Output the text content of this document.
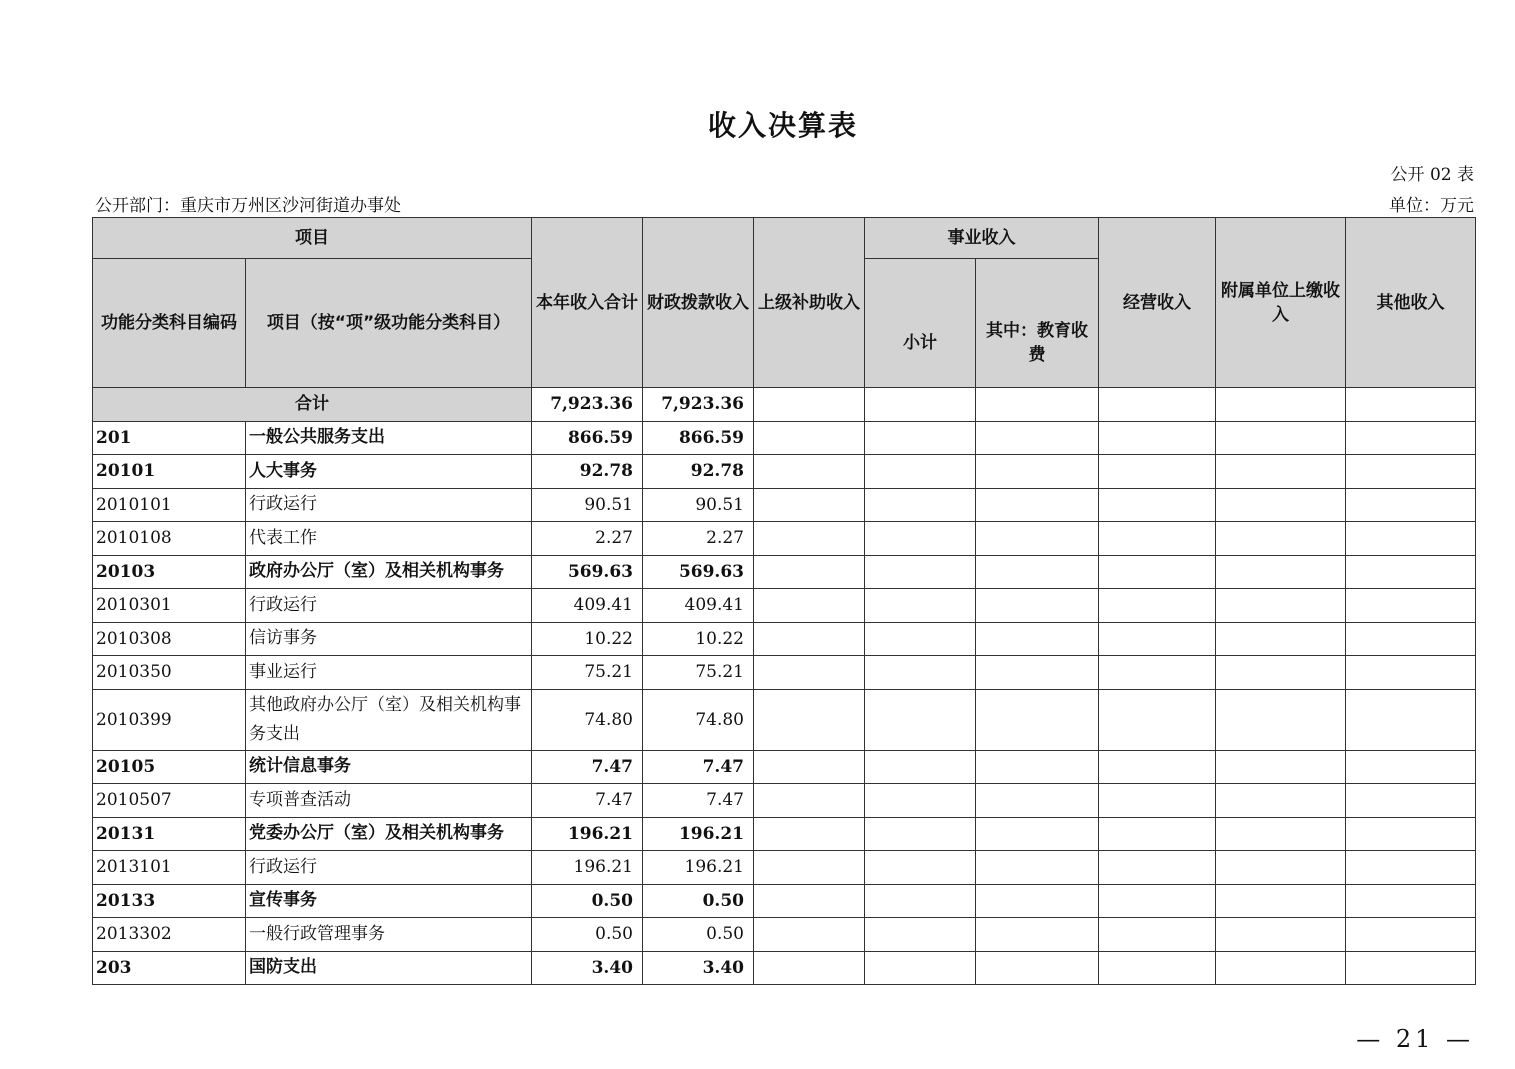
收入决算表
公开 02 表
公开部门：重庆市万州区沙河街道办事处	单位：万元
项目		本年收入合计	财政拨款收入	上级补助收入	事业收入		经营收入	附属单位上缴收入	其他收入
功能分类科目编码	项目（按“项”级功能分类科目）				小计	其中：教育收费			
合计		7,923.36	7,923.36						
201	一般公共服务支出	866.59	866.59						
20101	人大事务	92.78	92.78						
2010101	行政运行	90.51	90.51						
2010108	代表工作	2.27	2.27						
20103	政府办公厅（室）及相关机构事务	569.63	569.63						
2010301	行政运行	409.41	409.41						
2010308	信访事务	10.22	10.22						
2010350	事业运行	75.21	75.21						
2010399	其他政府办公厅（室）及相关机构事务支出	74.80	74.80						
20105	统计信息事务	7.47	7.47						
2010507	专项普查活动	7.47	7.47						
20131	党委办公厅（室）及相关机构事务	196.21	196.21						
2013101	行政运行	196.21	196.21						
20133	宣传事务	0.50	0.50						
2013302	一般行政管理事务	0.50	0.50						
203	国防支出	3.40	3.40						
— 21 —
